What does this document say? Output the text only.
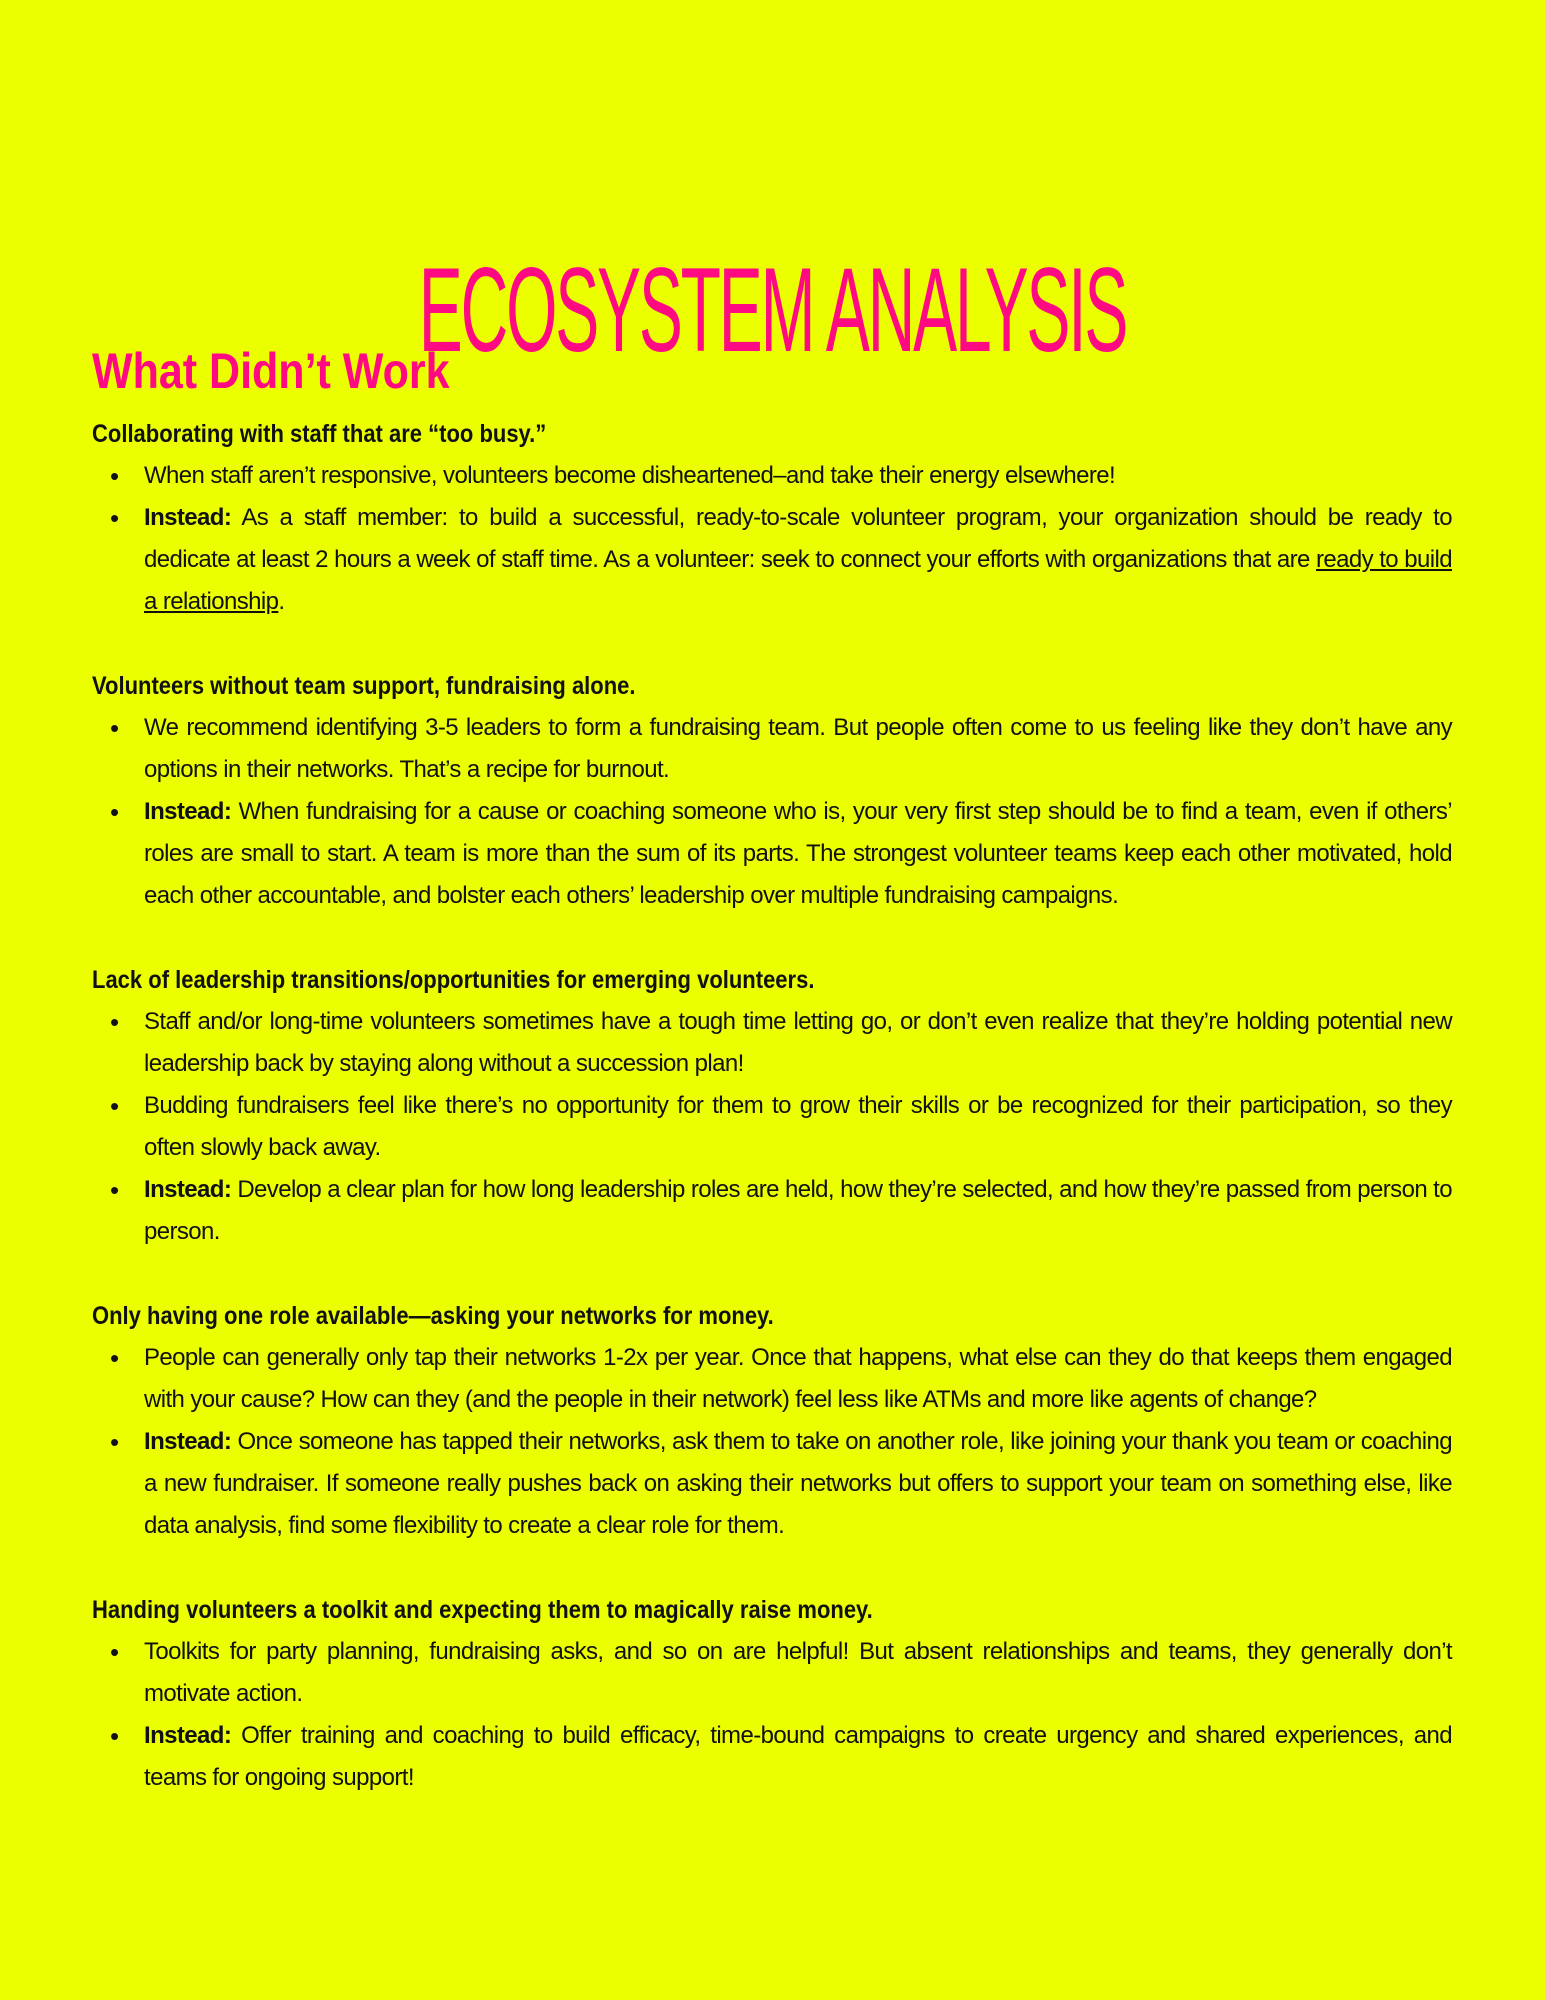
ECOSYSTEM ANALYSIS
What Didn’t Work

Collaborating with staff that are “too busy.”

• When staff aren’t responsive, volunteers become disheartened–and take their energy elsewhere!
• Instead: As a staff member: to build a successful, ready-to-scale volunteer program, your organization should be ready to dedicate at least 2 hours a week of staff time. As a volunteer: seek to connect your efforts with organizations that are ready to build a relationship.

Volunteers without team support, fundraising alone.

• We recommend identifying 3-5 leaders to form a fundraising team. But people often come to us feeling like they don’t have any options in their networks. That’s a recipe for burnout.
• Instead: When fundraising for a cause or coaching someone who is, your very first step should be to find a team, even if others’ roles are small to start. A team is more than the sum of its parts. The strongest volunteer teams keep each other motivated, hold each other accountable, and bolster each others’ leadership over multiple fundraising campaigns.

Lack of leadership transitions/opportunities for emerging volunteers.

• Staff and/or long-time volunteers sometimes have a tough time letting go, or don’t even realize that they’re holding potential new leadership back by staying along without a succession plan!
• Budding fundraisers feel like there’s no opportunity for them to grow their skills or be recognized for their participation, so they often slowly back away.
• Instead: Develop a clear plan for how long leadership roles are held, how they’re selected, and how they’re passed from person to person.

Only having one role available—asking your networks for money.

• People can generally only tap their networks 1-2x per year. Once that happens, what else can they do that keeps them engaged with your cause? How can they (and the people in their network) feel less like ATMs and more like agents of change?
• Instead: Once someone has tapped their networks, ask them to take on another role, like joining your thank you team or coaching a new fundraiser. If someone really pushes back on asking their networks but offers to support your team on something else, like data analysis, find some flexibility to create a clear role for them.

Handing volunteers a toolkit and expecting them to magically raise money.

• Toolkits for party planning, fundraising asks, and so on are helpful! But absent relationships and teams, they generally don’t motivate action.
• Instead: Offer training and coaching to build efficacy, time-bound campaigns to create urgency and shared experiences, and teams for ongoing support!
